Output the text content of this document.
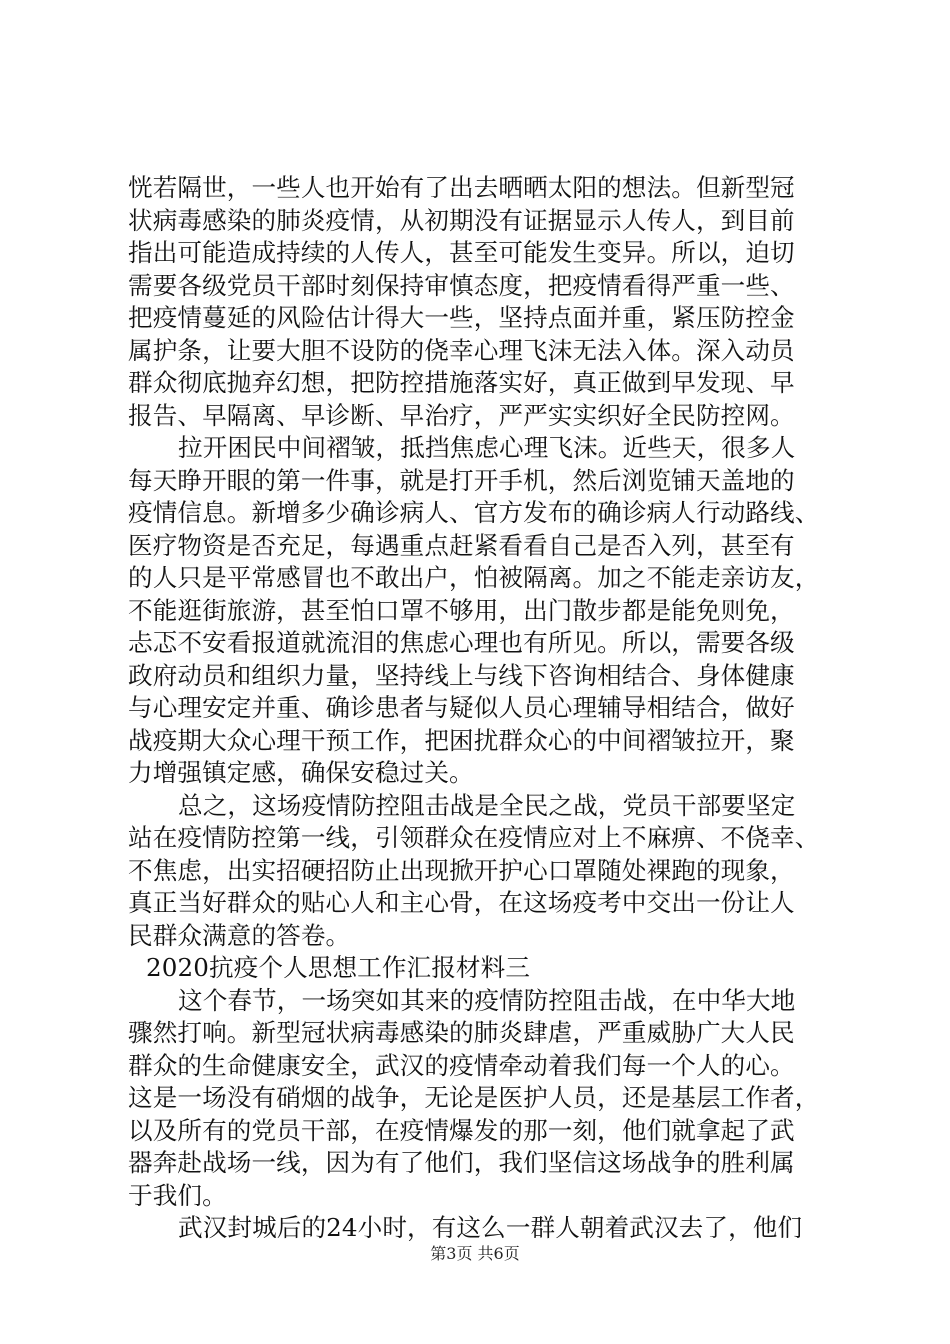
恍若隔世，一些人也开始有了出去晒晒太阳的想法。但新型冠
状病毒感染的肺炎疫情，从初期没有证据显示人传人，到目前
指出可能造成持续的人传人，甚至可能发生变异。所以，迫切
需要各级党员干部时刻保持审慎态度，把疫情看得严重一些、
把疫情蔓延的风险估计得大一些，坚持点面并重，紧压防控金
属护条，让要大胆不设防的侥幸心理飞沫无法入体。深入动员
群众彻底抛弃幻想，把防控措施落实好，真正做到早发现、早
报告、早隔离、早诊断、早治疗，严严实实织好全民防控网。
拉开困民中间褶皱，抵挡焦虑心理飞沫。近些天，很多人
每天睁开眼的第一件事，就是打开手机，然后浏览铺天盖地的
疫情信息。新增多少确诊病人、官方发布的确诊病人行动路线、
医疗物资是否充足，每遇重点赶紧看看自己是否入列，甚至有
的人只是平常感冒也不敢出户，怕被隔离。加之不能走亲访友，
不能逛街旅游，甚至怕口罩不够用，出门散步都是能免则免，
忐忑不安看报道就流泪的焦虑心理也有所见。所以，需要各级
政府动员和组织力量，坚持线上与线下咨询相结合、身体健康
与心理安定并重、确诊患者与疑似人员心理辅导相结合，做好
战疫期大众心理干预工作，把困扰群众心的中间褶皱拉开，聚
力增强镇定感，确保安稳过关。
总之，这场疫情防控阻击战是全民之战，党员干部要坚定
站在疫情防控第一线，引领群众在疫情应对上不麻痹、不侥幸、
不焦虑，出实招硬招防止出现掀开护心口罩随处裸跑的现象，
真正当好群众的贴心人和主心骨，在这场疫考中交出一份让人
民群众满意的答卷。
2020抗疫个人思想工作汇报材料三
这个春节，一场突如其来的疫情防控阻击战，在中华大地
骤然打响。新型冠状病毒感染的肺炎肆虐，严重威胁广大人民
群众的生命健康安全，武汉的疫情牵动着我们每一个人的心。
这是一场没有硝烟的战争，无论是医护人员，还是基层工作者，
以及所有的党员干部，在疫情爆发的那一刻，他们就拿起了武
器奔赴战场一线，因为有了他们，我们坚信这场战争的胜利属
于我们。
武汉封城后的24小时，有这么一群人朝着武汉去了，他们
第3页 共6页
